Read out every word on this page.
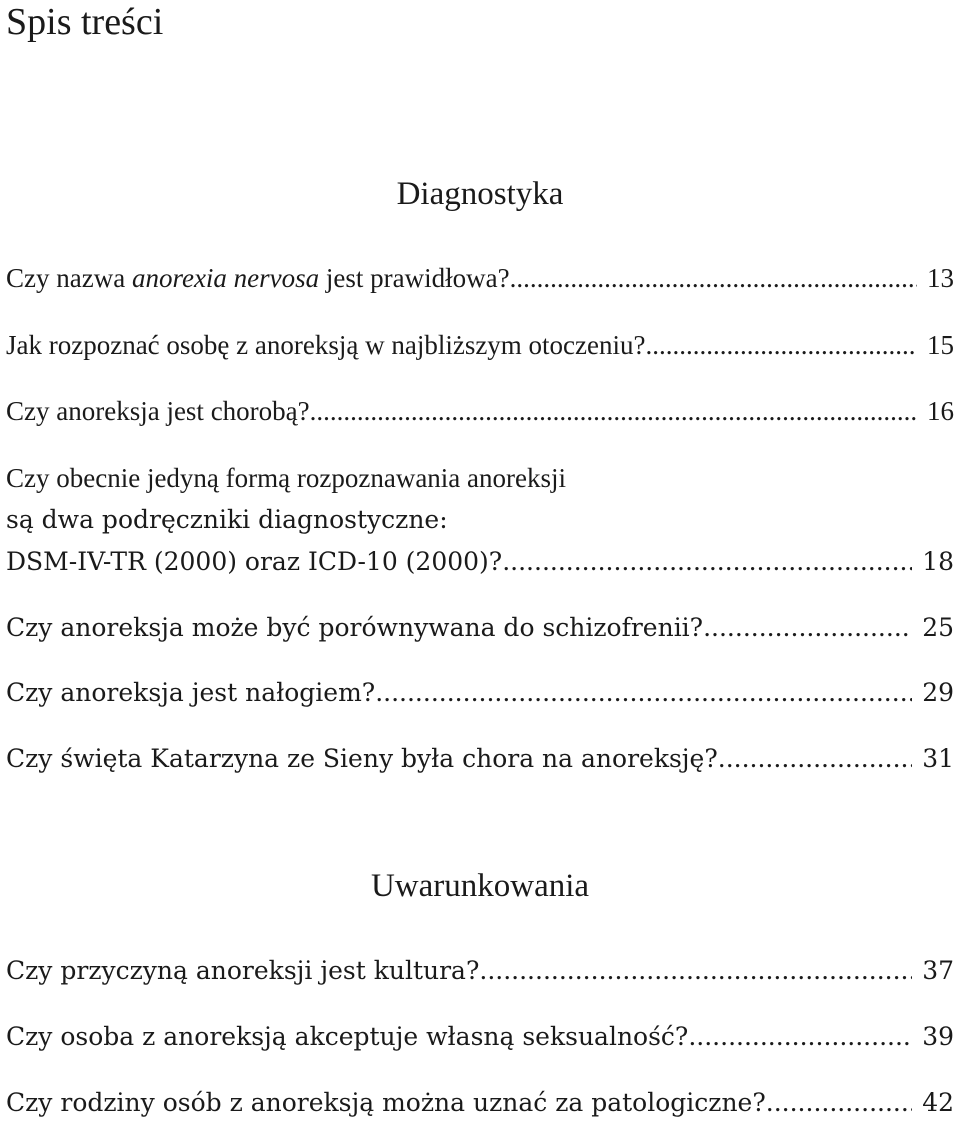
Spis treści
Diagnostyka
Czy nazwa anorexia nervosa jest prawidłowa? .....	13
Jak rozpoznać osobę z anoreksją w najbliższym otoczeniu? .....	15
Czy anoreksja jest chorobą? .....	16
Czy obecnie jedyną formą rozpoznawania anoreksji
są dwa podręczniki diagnostyczne:
DSM-IV-TR (2000) oraz ICD-10 (2000)? .....	18
Czy anoreksja może być porównywana do schizofrenii? .....	25
Czy anoreksja jest nałogiem? .....	29
Czy święta Katarzyna ze Sieny była chora na anoreksję? .....	31
Uwarunkowania
Czy przyczyną anoreksji jest kultura? .....	37
Czy osoba z anoreksją akceptuje własną seksualność? .....	39
Czy rodziny osób z anoreksją można uznać za patologiczne? .....	42
